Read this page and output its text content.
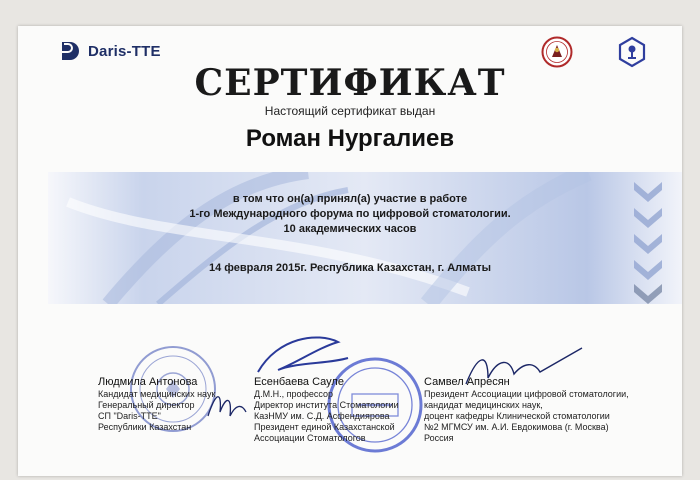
Daris-TTE
СЕРТИФИКАТ
Настоящий сертификат выдан
Роман Нургалиев
в том что он(а) принял(а) участие в работе
1-го Международного форума по цифровой стоматологии.
10 академических часов
14 февраля 2015г. Республика Казахстан, г. Алматы
Людмила Антонова
Кандидат медицинских наук
Генеральный директор
СП "Daris-TTE"
Республики Казахстан
Есенбаева Сауле
Д.М.Н., профессор
Директор института Стоматологии
КазНМУ им. С.Д. Асфендиярова
Президент единой Казахстанской
Ассоциации Стоматологов
Самвел Апресян
Президент Ассоциации цифровой стоматологии,
кандидат медицинских наук,
доцент кафедры Клинической стоматологии
№2 МГМСУ им. А.И. Евдокимова (г. Москва)
Россия
